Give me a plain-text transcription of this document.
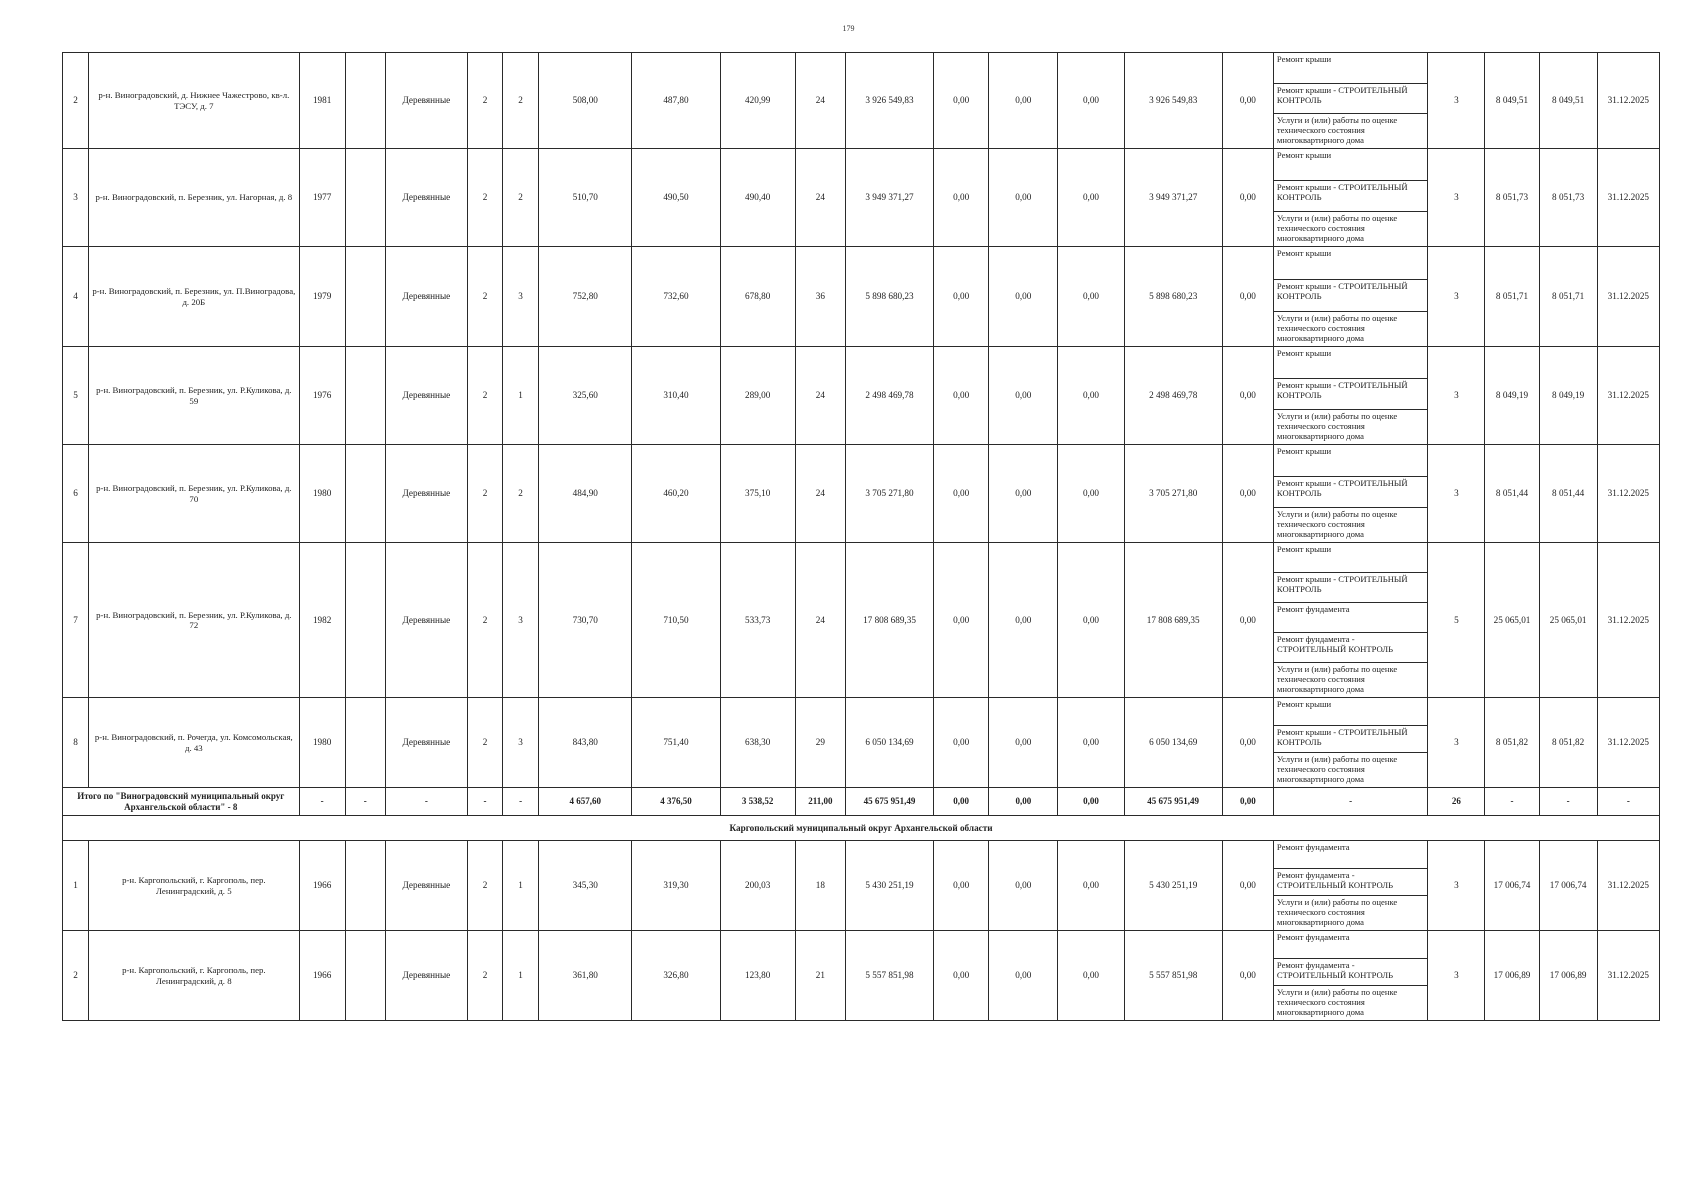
179
2	р-н. Виноградовский, д. Нижнее Чажестрово, кв-л. ТЭСУ, д. 7	1981		Деревянные	2	2	508,00	487,80	420,99	24	3 926 549,83	0,00	0,00	0,00	3 926 549,83	0,00	Ремонт крыши
Ремонт крыши - СТРОИТЕЛЬНЫЙ КОНТРОЛЬ
Услуги и (или) работы по оценке технического состояния многоквартирного дома	3	8 049,51	8 049,51	31.12.2025
3	р-н. Виноградовский, п. Березник, ул. Нагорная, д. 8	1977		Деревянные	2	2	510,70	490,50	490,40	24	3 949 371,27	0,00	0,00	0,00	3 949 371,27	0,00	Ремонт крыши
Ремонт крыши - СТРОИТЕЛЬНЫЙ КОНТРОЛЬ
Услуги и (или) работы по оценке технического состояния многоквартирного дома	3	8 051,73	8 051,73	31.12.2025
4	р-н. Виноградовский, п. Березник, ул. П.Виноградова, д. 20Б	1979		Деревянные	2	3	752,80	732,60	678,80	36	5 898 680,23	0,00	0,00	0,00	5 898 680,23	0,00	Ремонт крыши
Ремонт крыши - СТРОИТЕЛЬНЫЙ КОНТРОЛЬ
Услуги и (или) работы по оценке технического состояния многоквартирного дома	3	8 051,71	8 051,71	31.12.2025
5	р-н. Виноградовский, п. Березник, ул. Р.Куликова, д. 59	1976		Деревянные	2	1	325,60	310,40	289,00	24	2 498 469,78	0,00	0,00	0,00	2 498 469,78	0,00	Ремонт крыши
Ремонт крыши - СТРОИТЕЛЬНЫЙ КОНТРОЛЬ
Услуги и (или) работы по оценке технического состояния многоквартирного дома	3	8 049,19	8 049,19	31.12.2025
6	р-н. Виноградовский, п. Березник, ул. Р.Куликова, д. 70	1980		Деревянные	2	2	484,90	460,20	375,10	24	3 705 271,80	0,00	0,00	0,00	3 705 271,80	0,00	Ремонт крыши
Ремонт крыши - СТРОИТЕЛЬНЫЙ КОНТРОЛЬ
Услуги и (или) работы по оценке технического состояния многоквартирного дома	3	8 051,44	8 051,44	31.12.2025
7	р-н. Виноградовский, п. Березник, ул. Р.Куликова, д. 72	1982		Деревянные	2	3	730,70	710,50	533,73	24	17 808 689,35	0,00	0,00	0,00	17 808 689,35	0,00	Ремонт крыши
Ремонт крыши - СТРОИТЕЛЬНЫЙ КОНТРОЛЬ
Ремонт фундамента
Ремонт фундамента - СТРОИТЕЛЬНЫЙ КОНТРОЛЬ
Услуги и (или) работы по оценке технического состояния многоквартирного дома	5	25 065,01	25 065,01	31.12.2025
8	р-н. Виноградовский, п. Рочегда, ул. Комсомольская, д. 43	1980		Деревянные	2	3	843,80	751,40	638,30	29	6 050 134,69	0,00	0,00	0,00	6 050 134,69	0,00	Ремонт крыши
Ремонт крыши - СТРОИТЕЛЬНЫЙ КОНТРОЛЬ
Услуги и (или) работы по оценке технического состояния многоквартирного дома	3	8 051,82	8 051,82	31.12.2025
Итого по "Виноградовский муниципальный округ Архангельской области" - 8		-	-	-	-	-	4 657,60	4 376,50	3 538,52	211,00	45 675 951,49	0,00	0,00	0,00	45 675 951,49	0,00	-	26	-	-	-
Каргопольский муниципальный округ Архангельской области																					
1	р-н. Каргопольский, г. Каргополь, пер. Ленинградский, д. 5	1966		Деревянные	2	1	345,30	319,30	200,03	18	5 430 251,19	0,00	0,00	0,00	5 430 251,19	0,00	Ремонт фундамента
Ремонт фундамента - СТРОИТЕЛЬНЫЙ КОНТРОЛЬ
Услуги и (или) работы по оценке технического состояния многоквартирного дома	3	17 006,74	17 006,74	31.12.2025
2	р-н. Каргопольский, г. Каргополь, пер. Ленинградский, д. 8	1966		Деревянные	2	1	361,80	326,80	123,80	21	5 557 851,98	0,00	0,00	0,00	5 557 851,98	0,00	Ремонт фундамента
Ремонт фундамента - СТРОИТЕЛЬНЫЙ КОНТРОЛЬ
Услуги и (или) работы по оценке технического состояния многоквартирного дома	3	17 006,89	17 006,89	31.12.2025
